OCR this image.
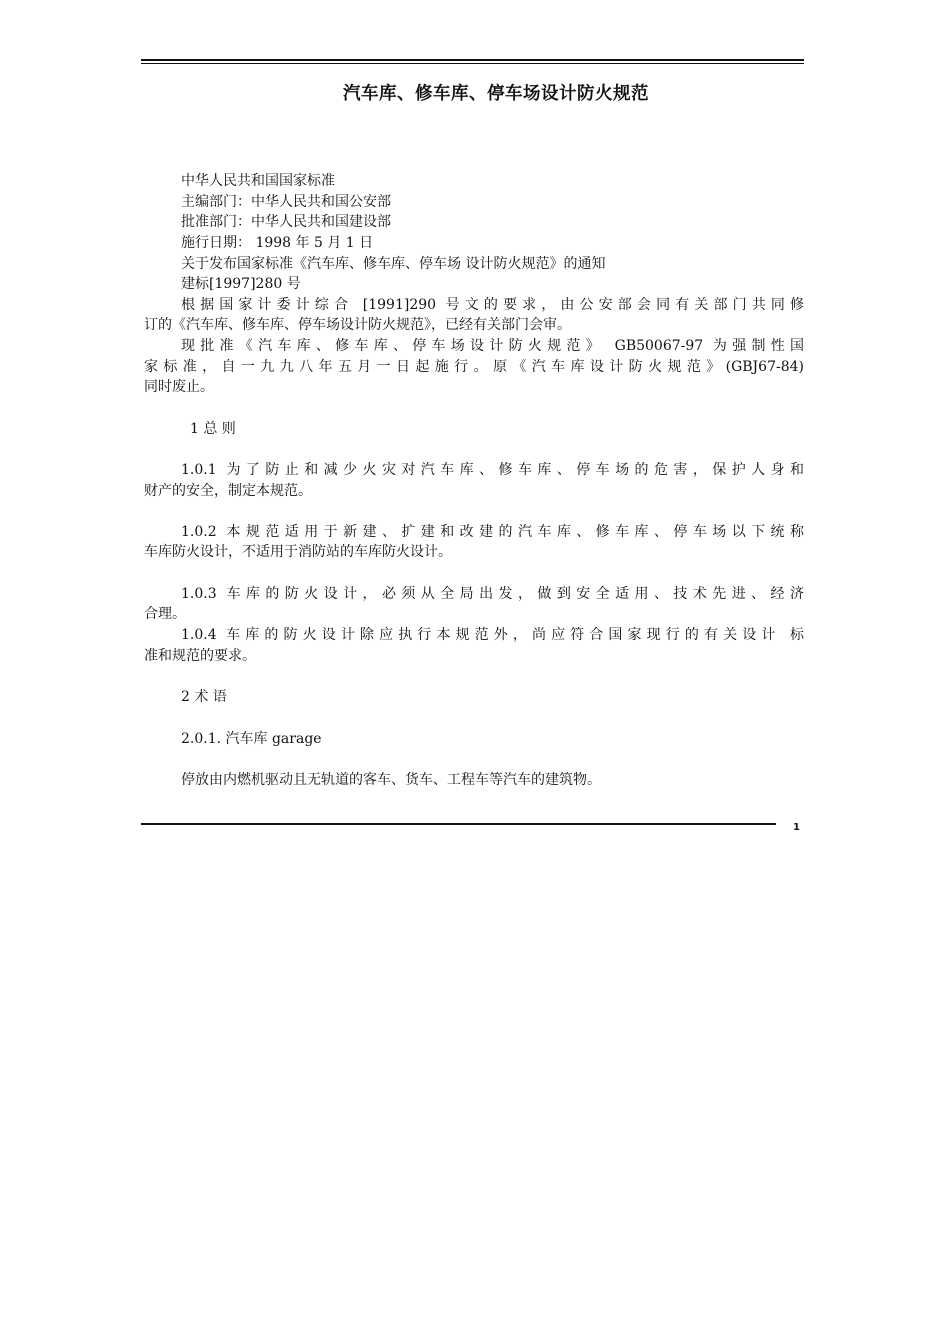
汽车库、修车库、停车场设计防火规范
中华人民共和国国家标准
主编部门：中华人民共和国公安部
批准部门：中华人民共和国建设部
施行日期： 1998 年 5 月 1 日
关于发布国家标准《汽车库、修车库、停车场 设计防火规范》的通知
建标[1997]280 号
根据国家计委计综合 [1991]290 号文的要求，由公安部会同有关部门共同修
订的《汽车库、修车库、停车场设计防火规范》，已经有关部门会审。
现批准《汽车库、修车库、停车场设计防火规范》 GB50067-97 为强制性国
家标准，自一九九八年五月一日起施行。原《汽车库设计防火规范》(GBJ67-84)
同时废止。
1 总 则
1.0.1 为了防止和减少火灾对汽车库、修车库、停车场的危害，保护人身和
财产的安全，制定本规范。
1.0.2 本规范适用于新建、扩建和改建的汽车库、修车库、停车场以下统称
车库防火设计，不适用于消防站的车库防火设计。
1.0.3 车库的防火设计，必须从全局出发，做到安全适用、技术先进、经济
合理。
1.0.4 车库的防火设计除应执行本规范外，尚应符合国家现行的有关设计 标
准和规范的要求。
2 术 语
2.0.1. 汽车库 garage
停放由内燃机驱动且无轨道的客车、货车、工程车等汽车的建筑物。
1
